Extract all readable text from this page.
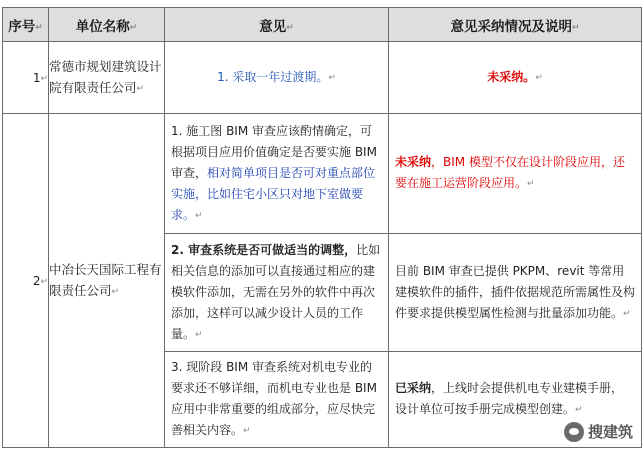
序号↵	单位名称↵	意见↵	意见采纳情况及说明↵
1↵	常德市规划建筑设计院有限责任公司↵	1. 采取一年过渡期。↵	未采纳。↵

2↵	中冶长天国际工程有限责任公司↵	1. 施工图 BIM 审查应该酌情确定，可根据项目应用价值确定是否要实施 BIM 审查，相对简单项目是否可对重点部位实施，比如住宅小区只对地下室做要求。↵	未采纳，BIM 模型不仅在设计阶段应用，还要在施工运营阶段应用。↵

		2. 审查系统是否可做适当的调整，比如相关信息的添加可以直接通过相应的建模软件添加，无需在另外的软件中再次添加，这样可以减少设计人员的工作量。↵	目前 BIM 审查已提供 PKPM、revit 等常用建模软件的插件，插件依据规范所需属性及构件要求提供模型属性检测与批量添加功能。↵

		3. 现阶段 BIM 审查系统对机电专业的要求还不够详细，而机电专业也是 BIM 应用中非常重要的组成部分，应尽快完善相关内容。↵	已采纳，上线时会提供机电专业建模手册，设计单位可按手册完成模型创建。↵
搜建筑
